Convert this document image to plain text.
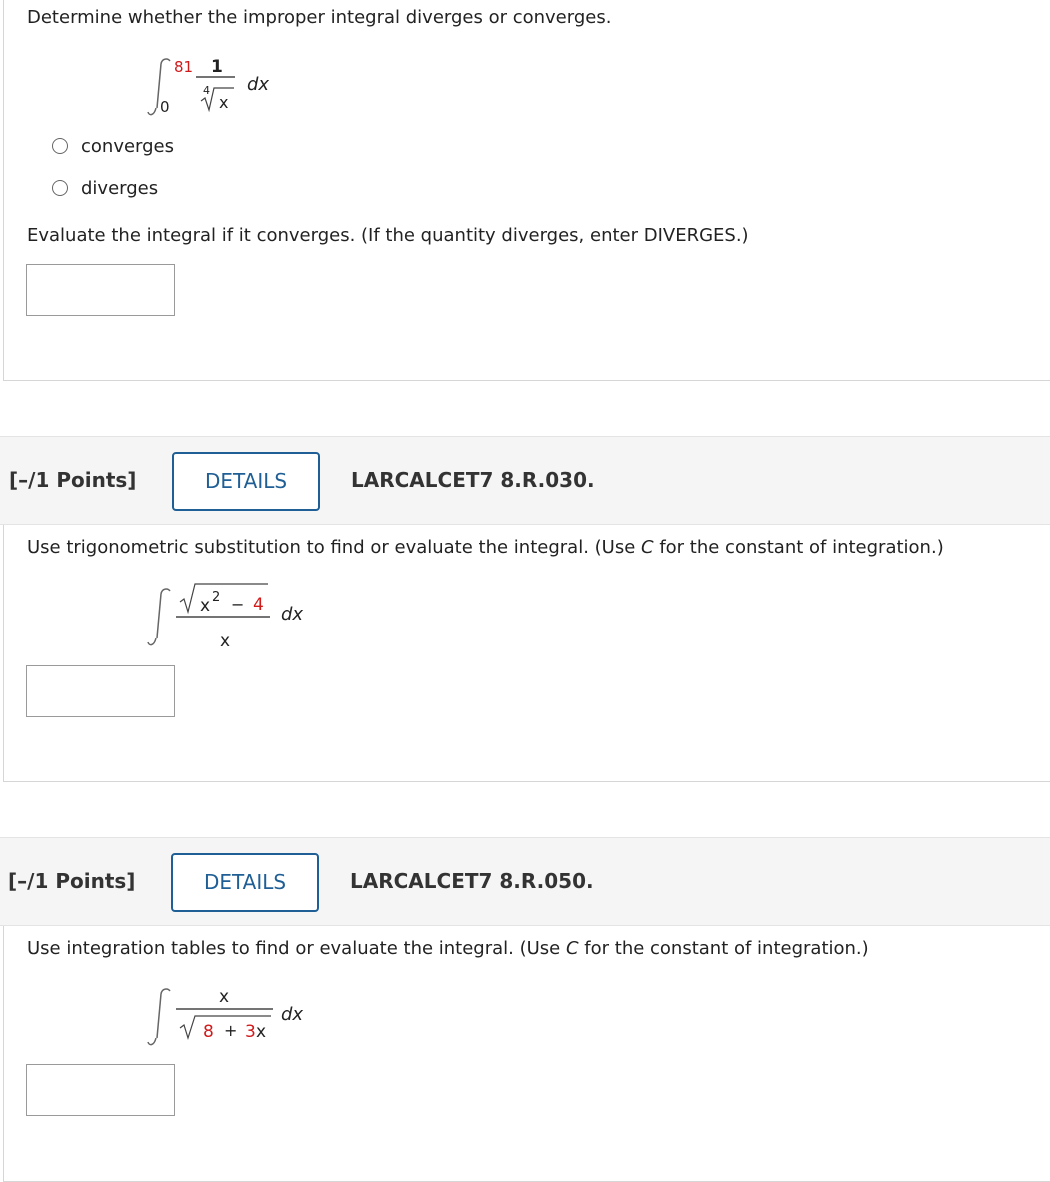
Determine whether the improper integral diverges or converges.
81
0
1
4
x
dx
converges
diverges
Evaluate the integral if it converges. (If the quantity diverges, enter DIVERGES.)
[–/1 Points]	DETAILS	LARCALCET7 8.R.030.
Use trigonometric substitution to find or evaluate the integral. (Use C for the constant of integration.)
x 2 − 4
x
dx
[–/1 Points]	DETAILS	LARCALCET7 8.R.050.
Use integration tables to find or evaluate the integral. (Use C for the constant of integration.)
x
8 + 3 x
dx
